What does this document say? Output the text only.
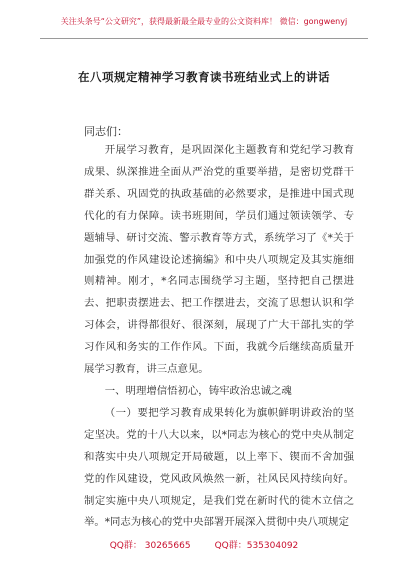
关注头条号“公文研究”，获得最新最全最专业的公文资料库！ 微信：gongwenyj
在八项规定精神学习教育读书班结业式上的讲话
同志们：

开展学习教育，是巩固深化主题教育和党纪学习教育成果、纵深推进全面从严治党的重要举措，是密切党群干群关系、巩固党的执政基础的必然要求，是推进中国式现代化的有力保障。读书班期间，学员们通过领读领学、专题辅导、研讨交流、警示教育等方式，系统学习了《*关于加强党的作风建设论述摘编》和中央八项规定及其实施细则精神。刚才，*名同志围绕学习主题，坚持把自己摆进去、把职责摆进去、把工作摆进去，交流了思想认识和学习体会，讲得都很好、很深刻，展现了广大干部扎实的学习作风和务实的工作作风。下面，我就今后继续高质量开展学习教育，讲三点意见。

一、明理增信悟初心，铸牢政治忠诚之魂

（一）要把学习教育成果转化为旗帜鲜明讲政治的坚定坚决。党的十八大以来，以*同志为核心的党中央从制定和落实中央八项规定开局破题，以上率下、锲而不舍加强党的作风建设，党风政风焕然一新，社风民风持续向好。制定实施中央八项规定，是我们党在新时代的徙木立信之举。*同志为核心的党中央部署开展深入贯彻中央八项规定

QQ群： 30265665	QQ群：535304092
